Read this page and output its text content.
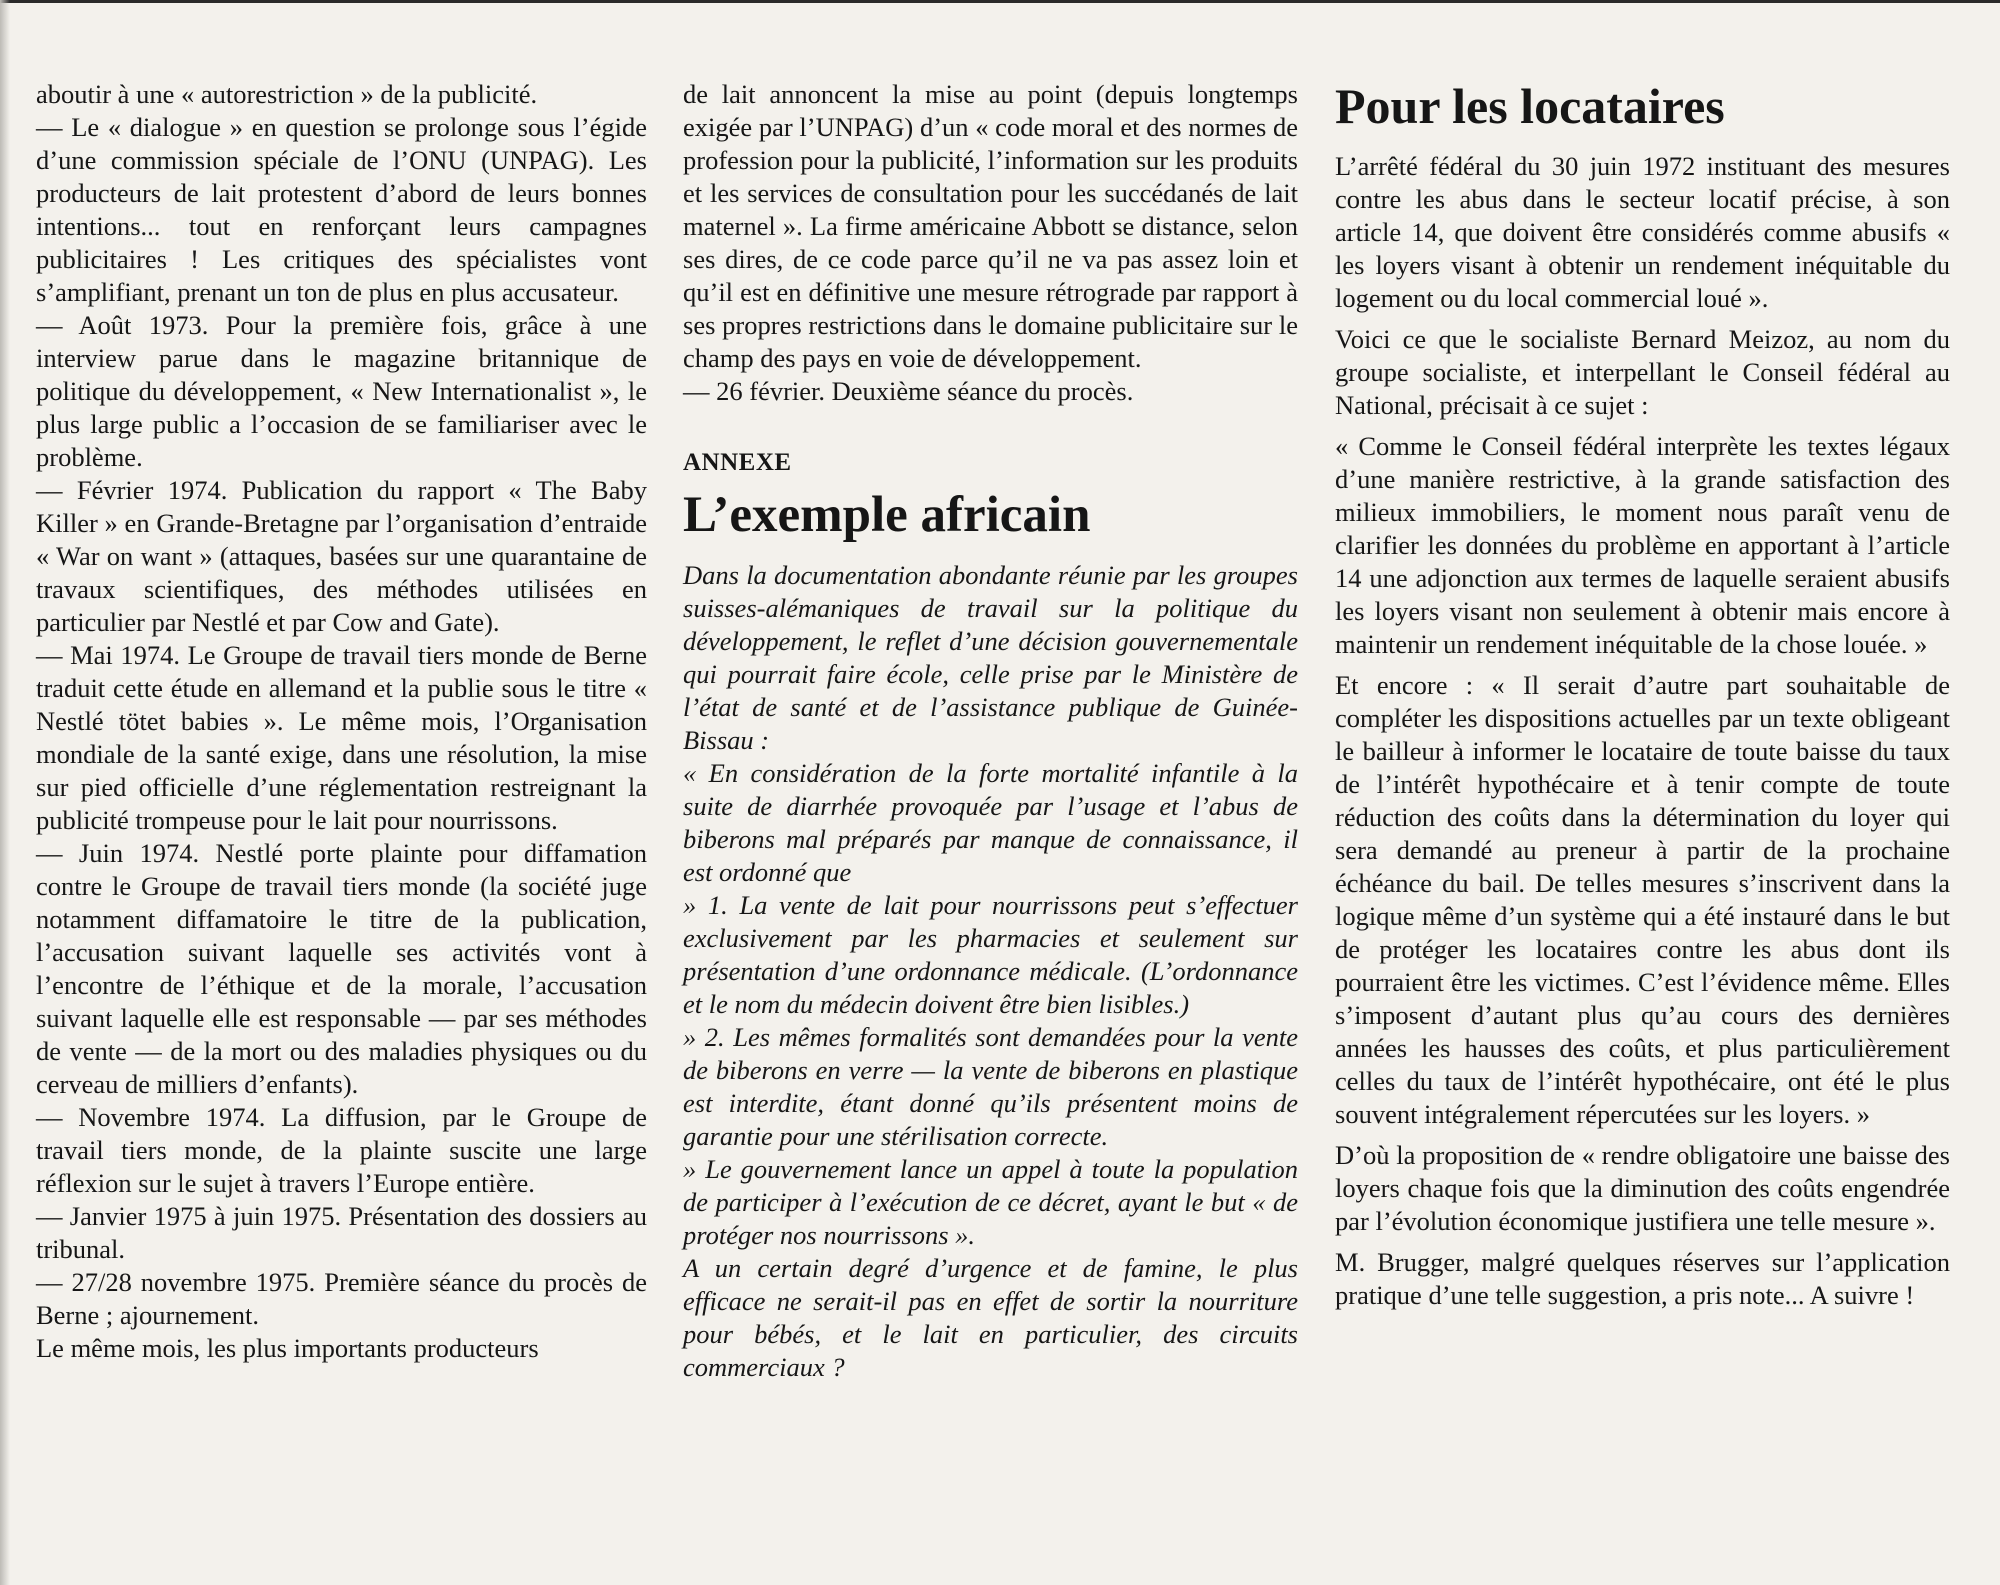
aboutir à une « autorestriction » de la publicité.

— Le « dialogue » en question se prolonge sous l’égide d’une commission spéciale de l’ONU (UNPAG). Les producteurs de lait protestent d’abord de leurs bonnes intentions... tout en renforçant leurs campagnes publicitaires ! Les critiques des spécialistes vont s’amplifiant, prenant un ton de plus en plus accusateur.

— Août 1973. Pour la première fois, grâce à une interview parue dans le magazine britannique de politique du développement, « New Internationalist », le plus large public a l’occasion de se familiariser avec le problème.

— Février 1974. Publication du rapport « The Baby Killer » en Grande-Bretagne par l’organisation d’entraide « War on want » (attaques, basées sur une quarantaine de travaux scientifiques, des méthodes utilisées en particulier par Nestlé et par Cow and Gate).

— Mai 1974. Le Groupe de travail tiers monde de Berne traduit cette étude en allemand et la publie sous le titre « Nestlé tötet babies ». Le même mois, l’Organisation mondiale de la santé exige, dans une résolution, la mise sur pied officielle d’une réglementation restreignant la publicité trompeuse pour le lait pour nourrissons.

— Juin 1974. Nestlé porte plainte pour diffamation contre le Groupe de travail tiers monde (la société juge notamment diffamatoire le titre de la publication, l’accusation suivant laquelle ses activités vont à l’encontre de l’éthique et de la morale, l’accusation suivant laquelle elle est responsable — par ses méthodes de vente — de la mort ou des maladies physiques ou du cerveau de milliers d’enfants).

— Novembre 1974. La diffusion, par le Groupe de travail tiers monde, de la plainte suscite une large réflexion sur le sujet à travers l’Europe entière.

— Janvier 1975 à juin 1975. Présentation des dossiers au tribunal.

— 27/28 novembre 1975. Première séance du procès de Berne ; ajournement.

Le même mois, les plus importants producteurs

de lait annoncent la mise au point (depuis longtemps exigée par l’UNPAG) d’un « code moral et des normes de profession pour la publicité, l’information sur les produits et les services de consultation pour les succédanés de lait maternel ». La firme américaine Abbott se distance, selon ses dires, de ce code parce qu’il ne va pas assez loin et qu’il est en définitive une mesure rétrograde par rapport à ses propres restrictions dans le domaine publicitaire sur le champ des pays en voie de développement.

— 26 février. Deuxième séance du procès.

ANNEXE

L’exemple africain

Dans la documentation abondante réunie par les groupes suisses-alémaniques de travail sur la politique du développement, le reflet d’une décision gouvernementale qui pourrait faire école, celle prise par le Ministère de l’état de santé et de l’assistance publique de Guinée-Bissau :

« En considération de la forte mortalité infantile à la suite de diarrhée provoquée par l’usage et l’abus de biberons mal préparés par manque de connaissance, il est ordonné que

» 1. La vente de lait pour nourrissons peut s’effectuer exclusivement par les pharmacies et seulement sur présentation d’une ordonnance médicale. (L’ordonnance et le nom du médecin doivent être bien lisibles.)

» 2. Les mêmes formalités sont demandées pour la vente de biberons en verre — la vente de biberons en plastique est interdite, étant donné qu’ils présentent moins de garantie pour une stérilisation correcte.

» Le gouvernement lance un appel à toute la population de participer à l’exécution de ce décret, ayant le but « de protéger nos nourrissons ».

A un certain degré d’urgence et de famine, le plus efficace ne serait-il pas en effet de sortir la nourriture pour bébés, et le lait en particulier, des circuits commerciaux ?

Pour les locataires

L’arrêté fédéral du 30 juin 1972 instituant des mesures contre les abus dans le secteur locatif précise, à son article 14, que doivent être considérés comme abusifs « les loyers visant à obtenir un rendement inéquitable du logement ou du local commercial loué ».

Voici ce que le socialiste Bernard Meizoz, au nom du groupe socialiste, et interpellant le Conseil fédéral au National, précisait à ce sujet :

« Comme le Conseil fédéral interprète les textes légaux d’une manière restrictive, à la grande satisfaction des milieux immobiliers, le moment nous paraît venu de clarifier les données du problème en apportant à l’article 14 une adjonction aux termes de laquelle seraient abusifs les loyers visant non seulement à obtenir mais encore à maintenir un rendement inéquitable de la chose louée. »

Et encore : « Il serait d’autre part souhaitable de compléter les dispositions actuelles par un texte obligeant le bailleur à informer le locataire de toute baisse du taux de l’intérêt hypothécaire et à tenir compte de toute réduction des coûts dans la détermination du loyer qui sera demandé au preneur à partir de la prochaine échéance du bail. De telles mesures s’inscrivent dans la logique même d’un système qui a été instauré dans le but de protéger les locataires contre les abus dont ils pourraient être les victimes. C’est l’évidence même. Elles s’imposent d’autant plus qu’au cours des dernières années les hausses des coûts, et plus particulièrement celles du taux de l’intérêt hypothécaire, ont été le plus souvent intégralement répercutées sur les loyers. »

D’où la proposition de « rendre obligatoire une baisse des loyers chaque fois que la diminution des coûts engendrée par l’évolution économique justifiera une telle mesure ».

M. Brugger, malgré quelques réserves sur l’application pratique d’une telle suggestion, a pris note... A suivre !
